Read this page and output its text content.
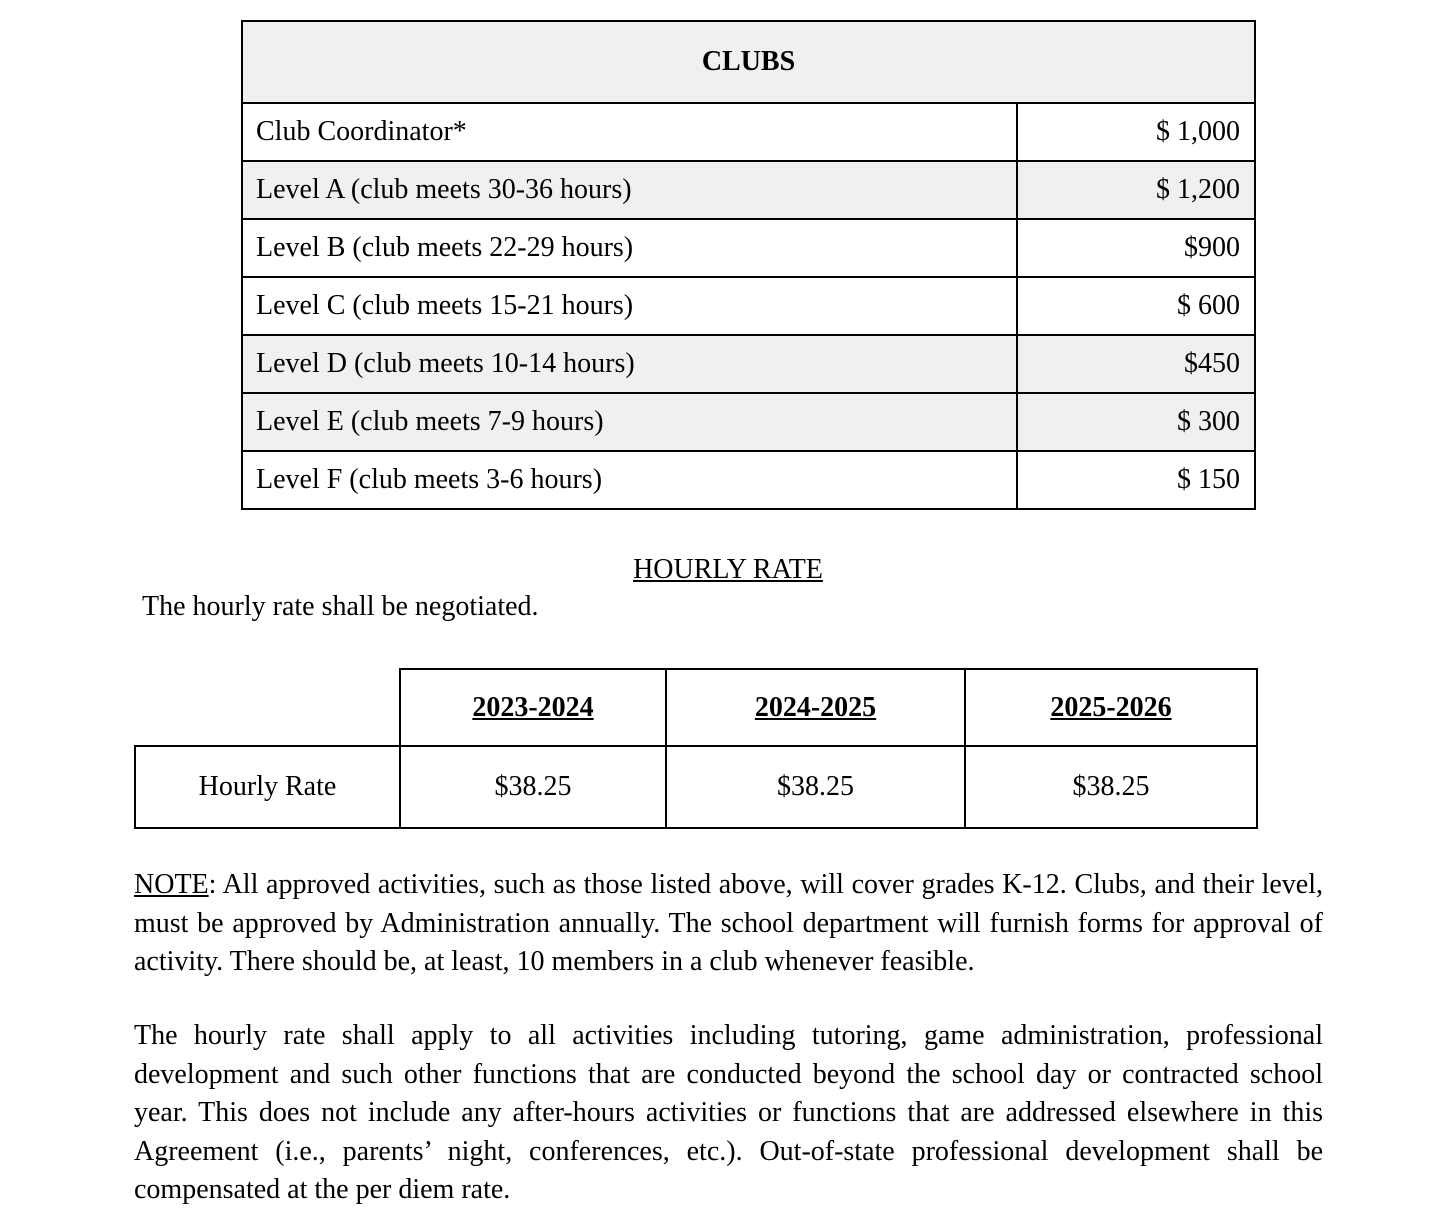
CLUBS	
Club Coordinator*	$ 1,000
Level A (club meets 30-36 hours)	$ 1,200
Level B (club meets 22-29 hours)	$900
Level C (club meets 15-21 hours)	$ 600
Level D (club meets 10-14 hours)	$450
Level E (club meets 7-9 hours)	$ 300
Level F (club meets 3-6 hours)	$ 150
HOURLY RATE
The hourly rate shall be negotiated.
	2023-2024	2024-2025	2025-2026
Hourly Rate	$38.25	$38.25	$38.25
NOTE: All approved activities, such as those listed above, will cover grades K-12. Clubs, and their level, must be approved by Administration annually. The school department will furnish forms for approval of activity. There should be, at least, 10 members in a club whenever feasible.
The hourly rate shall apply to all activities including tutoring, game administration, professional development and such other functions that are conducted beyond the school day or contracted school year. This does not include any after-hours activities or functions that are addressed elsewhere in this Agreement (i.e., parents’ night, conferences, etc.). Out-of-state professional development shall be compensated at the per diem rate.
